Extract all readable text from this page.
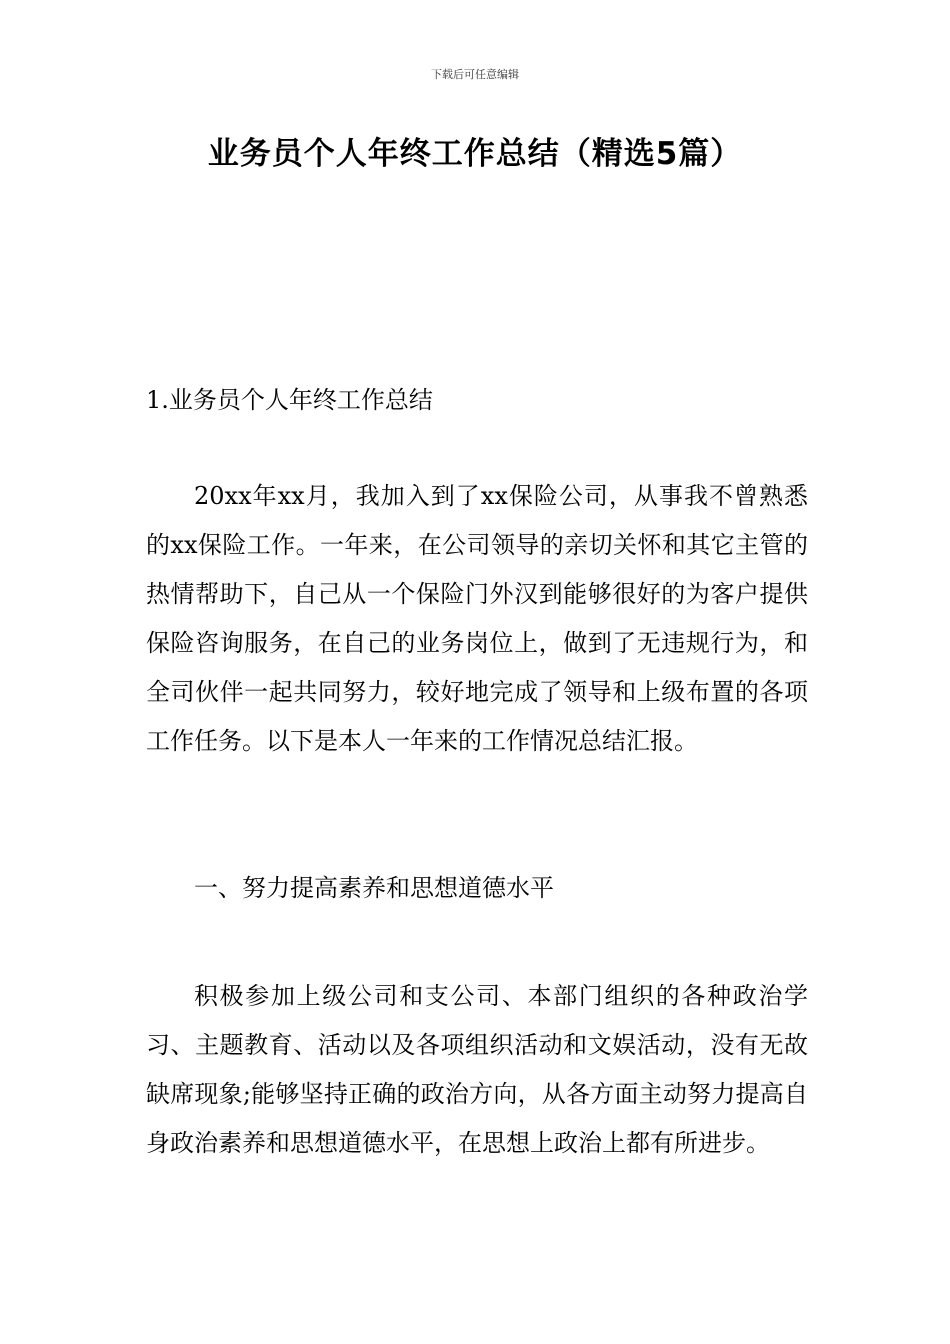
下载后可任意编辑
业务员个人年终工作总结（精选5篇）
1.业务员个人年终工作总结

20xx年xx月，我加入到了xx保险公司，从事我不曾熟悉的xx保险工作。一年来，在公司领导的亲切关怀和其它主管的热情帮助下，自己从一个保险门外汉到能够很好的为客户提供保险咨询服务，在自己的业务岗位上，做到了无违规行为，和全司伙伴一起共同努力，较好地完成了领导和上级布置的各项工作任务。以下是本人一年来的工作情况总结汇报。

一、努力提高素养和思想道德水平

积极参加上级公司和支公司、本部门组织的各种政治学习、主题教育、活动以及各项组织活动和文娱活动，没有无故缺席现象;能够坚持正确的政治方向，从各方面主动努力提高自身政治素养和思想道德水平，在思想上政治上都有所进步。
